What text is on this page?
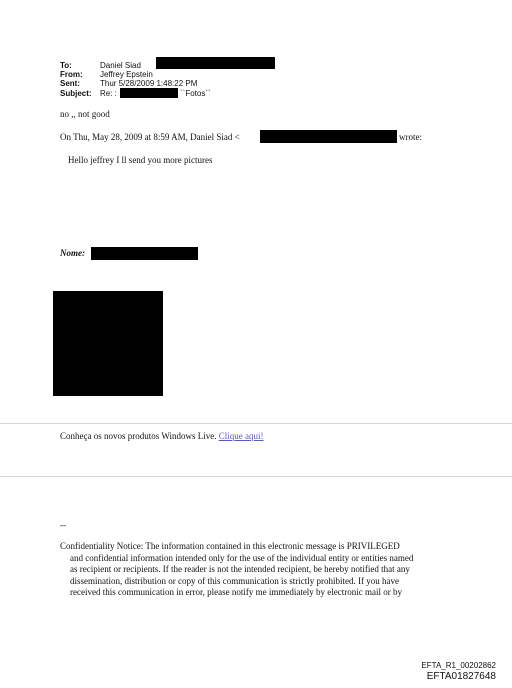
To:	Daniel Siad
From: Jeffrey Epstein
Sent:	Thur 5/28/2009 1:48:22 PM
Subject: Re: :	``Fotos``
no ,, not good
On Thu, May 28, 2009 at 8:59 AM, Daniel Siad <	wrote:
Hello jeffrey I ll send you more pictures
Nome:
Conheça os novos produtos Windows Live. Clique aqui!
--
Confidentiality Notice: The information contained in this electronic message is PRIVILEGED
and confidential information intended only for the use of the individual entity or entities named
as recipient or recipients. If the reader is not the intended recipient, be hereby notified that any
dissemination, distribution or copy of this communication is strictly prohibited. If you have
received this communication in error, please notify me immediately by electronic mail or by
EFTA_R1_00202862
EFTA01827648
